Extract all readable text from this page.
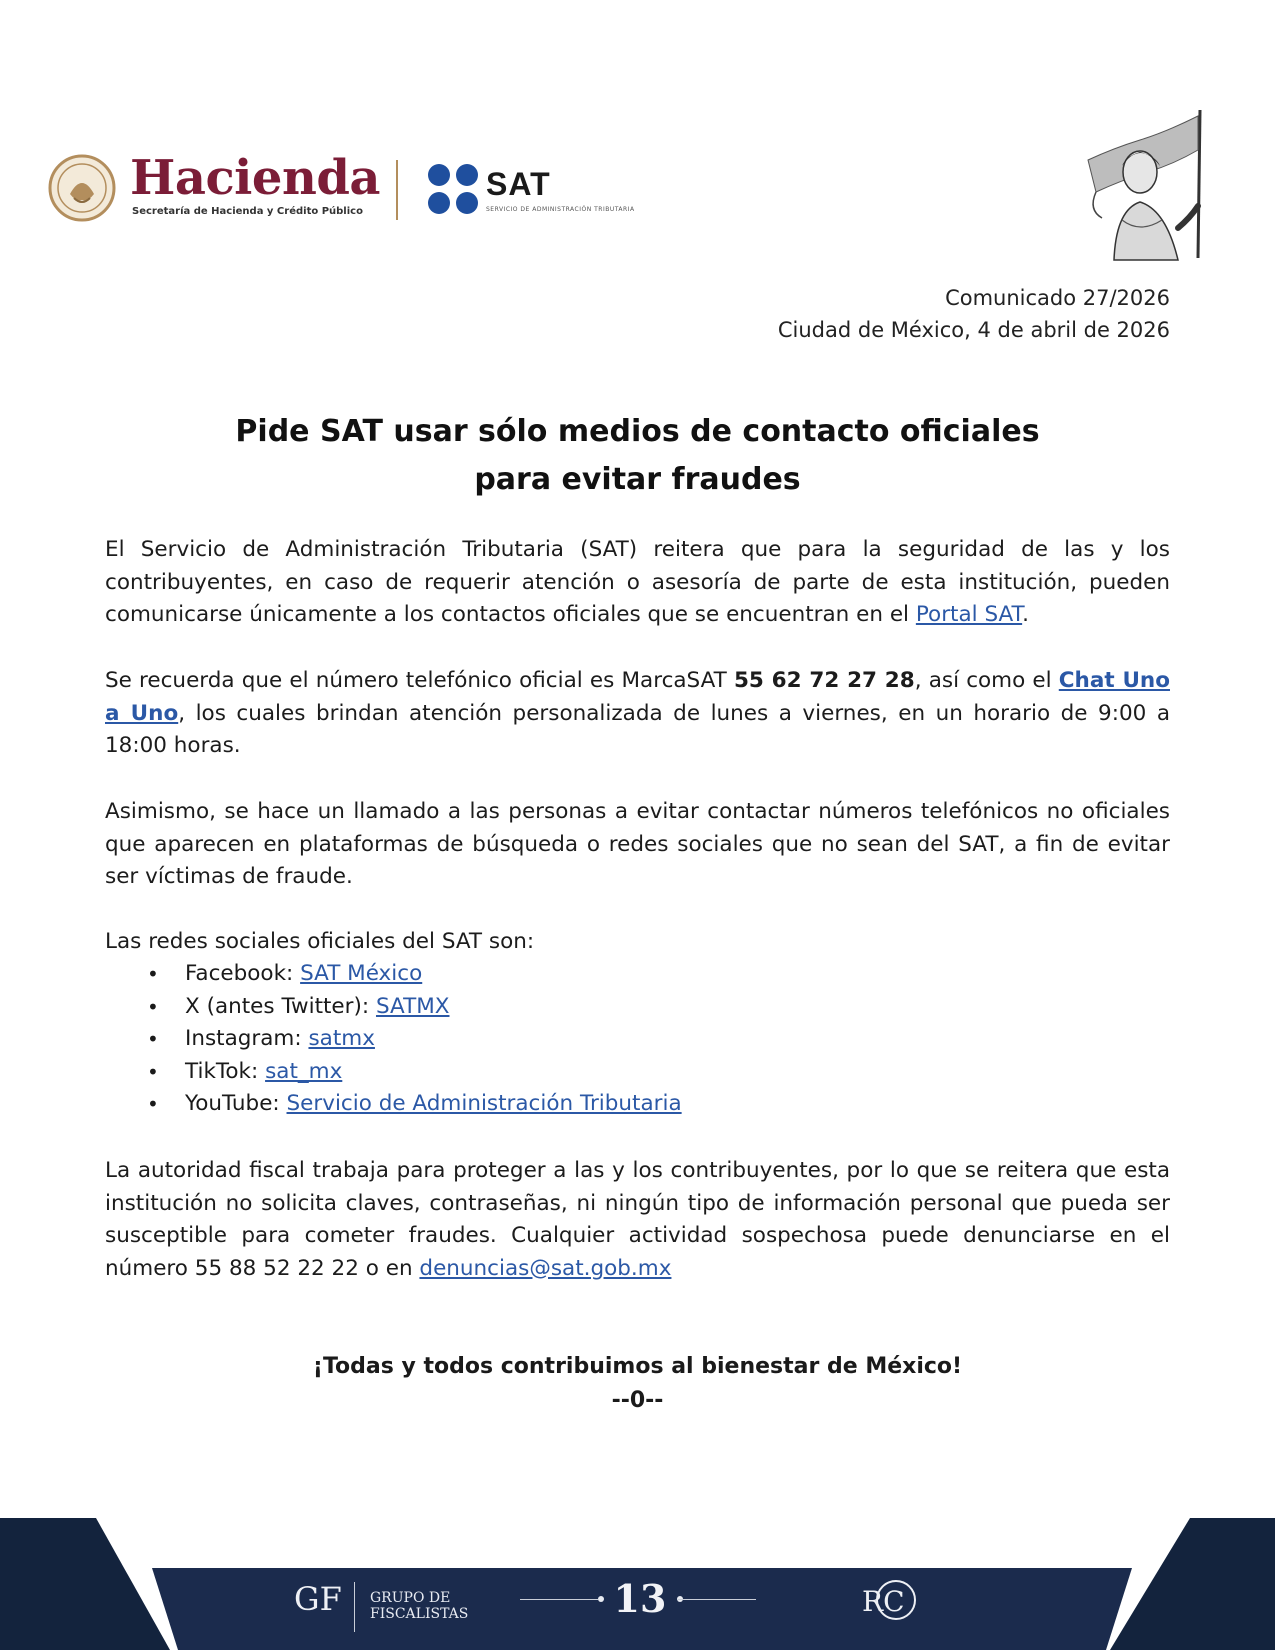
Hacienda
Secretaría de Hacienda y Crédito Público
SAT
SERVICIO DE ADMINISTRACIÓN TRIBUTARIA
Comunicado 27/2026
Ciudad de México, 4 de abril de 2026
Pide SAT usar sólo medios de contacto oficiales
para evitar fraudes
El Servicio de Administración Tributaria (SAT) reitera que para la seguridad de las y los contribuyentes, en caso de requerir atención o asesoría de parte de esta institución, pueden comunicarse únicamente a los contactos oficiales que se encuentran en el Portal SAT.
Se recuerda que el número telefónico oficial es MarcaSAT 55 62 72 27 28, así como el Chat Uno a Uno, los cuales brindan atención personalizada de lunes a viernes, en un horario de 9:00 a 18:00 horas.
Asimismo, se hace un llamado a las personas a evitar contactar números telefónicos no oficiales que aparecen en plataformas de búsqueda o redes sociales que no sean del SAT, a fin de evitar ser víctimas de fraude.
Las redes sociales oficiales del SAT son:
• Facebook: SAT México
• X (antes Twitter): SATMX
• Instagram: satmx
• TikTok: sat_mx
• YouTube: Servicio de Administración Tributaria
La autoridad fiscal trabaja para proteger a las y los contribuyentes, por lo que se reitera que esta institución no solicita claves, contraseñas, ni ningún tipo de información personal que pueda ser susceptible para cometer fraudes. Cualquier actividad sospechosa puede denunciarse en el número 55 88 52 22 22 o en denuncias@sat.gob.mx
¡Todas y todos contribuimos al bienestar de México!
--0--
GF GRUPO DE
FISCALISTAS	13	RC
